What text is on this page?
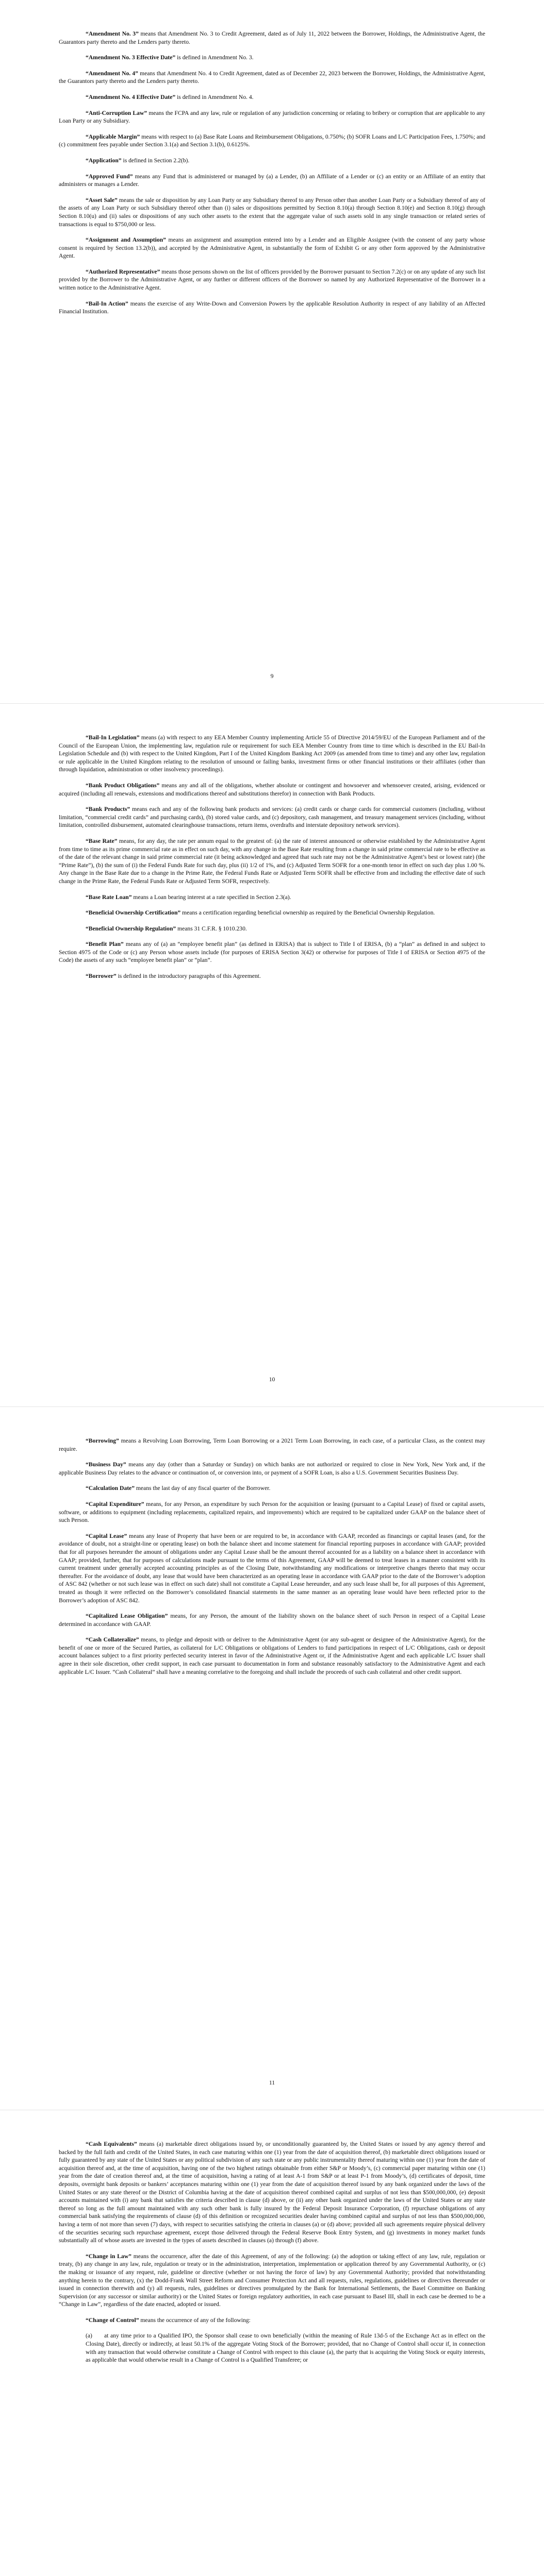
“Amendment No. 3” means that Amendment No. 3 to Credit Agreement, dated as of July 11, 2022 between the Borrower, Holdings, the Administrative Agent, the Guarantors party thereto and the Lenders party thereto.

“Amendment No. 3 Effective Date” is defined in Amendment No. 3.

“Amendment No. 4” means that Amendment No. 4 to Credit Agreement, dated as of December 22, 2023 between the Borrower, Holdings, the Administrative Agent, the Guarantors party thereto and the Lenders party thereto.

“Amendment No. 4 Effective Date” is defined in Amendment No. 4.

“Anti-Corruption Law” means the FCPA and any law, rule or regulation of any jurisdiction concerning or relating to bribery or corruption that are applicable to any Loan Party or any Subsidiary.

“Applicable Margin” means with respect to (a) Base Rate Loans and Reimbursement Obligations, 0.750%; (b) SOFR Loans and L/C Participation Fees, 1.750%; and (c) commitment fees payable under Section 3.1(a) and Section 3.1(b), 0.6125%.

“Application” is defined in Section 2.2(b).

“Approved Fund” means any Fund that is administered or managed by (a) a Lender, (b) an Affiliate of a Lender or (c) an entity or an Affiliate of an entity that administers or manages a Lender.

“Asset Sale” means the sale or disposition by any Loan Party or any Subsidiary thereof to any Person other than another Loan Party or a Subsidiary thereof of any of the assets of any Loan Party or such Subsidiary thereof other than (i) sales or dispositions permitted by Section 8.10(a) through Section 8.10(e) and Section 8.10(g) through Section 8.10(u) and (ii) sales or dispositions of any such other assets to the extent that the aggregate value of such assets sold in any single transaction or related series of transactions is equal to $750,000 or less.

“Assignment and Assumption” means an assignment and assumption entered into by a Lender and an Eligible Assignee (with the consent of any party whose consent is required by Section 13.2(b)), and accepted by the Administrative Agent, in substantially the form of Exhibit G or any other form approved by the Administrative Agent.

“Authorized Representative” means those persons shown on the list of officers provided by the Borrower pursuant to Section 7.2(c) or on any update of any such list provided by the Borrower to the Administrative Agent, or any further or different officers of the Borrower so named by any Authorized Representative of the Borrower in a written notice to the Administrative Agent.

“Bail-In Action” means the exercise of any Write-Down and Conversion Powers by the applicable Resolution Authority in respect of any liability of an Affected Financial Institution.

9

“Bail-In Legislation” means (a) with respect to any EEA Member Country implementing Article 55 of Directive 2014/59/EU of the European Parliament and of the Council of the European Union, the implementing law, regulation rule or requirement for such EEA Member Country from time to time which is described in the EU Bail-In Legislation Schedule and (b) with respect to the United Kingdom, Part I of the United Kingdom Banking Act 2009 (as amended from time to time) and any other law, regulation or rule applicable in the United Kingdom relating to the resolution of unsound or failing banks, investment firms or other financial institutions or their affiliates (other than through liquidation, administration or other insolvency proceedings).

“Bank Product Obligations” means any and all of the obligations, whether absolute or contingent and howsoever and whensoever created, arising, evidenced or acquired (including all renewals, extensions and modifications thereof and substitutions therefor) in connection with Bank Products.

“Bank Products” means each and any of the following bank products and services: (a) credit cards or charge cards for commercial customers (including, without limitation, “commercial credit cards” and purchasing cards), (b) stored value cards, and (c) depository, cash management, and treasury management services (including, without limitation, controlled disbursement, automated clearinghouse transactions, return items, overdrafts and interstate depository network services).

“Base Rate” means, for any day, the rate per annum equal to the greatest of: (a) the rate of interest announced or otherwise established by the Administrative Agent from time to time as its prime commercial rate as in effect on such day, with any change in the Base Rate resulting from a change in said prime commercial rate to be effective as of the date of the relevant change in said prime commercial rate (it being acknowledged and agreed that such rate may not be the Administrative Agent’s best or lowest rate) (the “Prime Rate”), (b) the sum of (i) the Federal Funds Rate for such day, plus (ii) 1/2 of 1%, and (c) Adjusted Term SOFR for a one-month tenor in effect on such day plus 1.00 %. Any change in the Base Rate due to a change in the Prime Rate, the Federal Funds Rate or Adjusted Term SOFR shall be effective from and including the effective date of such change in the Prime Rate, the Federal Funds Rate or Adjusted Term SOFR, respectively.

“Base Rate Loan” means a Loan bearing interest at a rate specified in Section 2.3(a).

“Beneficial Ownership Certification” means a certification regarding beneficial ownership as required by the Beneficial Ownership Regulation.

“Beneficial Ownership Regulation” means 31 C.F.R. § 1010.230.

“Benefit Plan” means any of (a) an “employee benefit plan” (as defined in ERISA) that is subject to Title I of ERISA, (b) a “plan” as defined in and subject to Section 4975 of the Code or (c) any Person whose assets include (for purposes of ERISA Section 3(42) or otherwise for purposes of Title I of ERISA or Section 4975 of the Code) the assets of any such “employee benefit plan” or “plan”.

“Borrower” is defined in the introductory paragraphs of this Agreement.

10

“Borrowing” means a Revolving Loan Borrowing, Term Loan Borrowing or a 2021 Term Loan Borrowing, in each case, of a particular Class, as the context may require.

“Business Day” means any day (other than a Saturday or Sunday) on which banks are not authorized or required to close in New York, New York and, if the applicable Business Day relates to the advance or continuation of, or conversion into, or payment of a SOFR Loan, is also a U.S. Government Securities Business Day.

“Calculation Date” means the last day of any fiscal quarter of the Borrower.

“Capital Expenditure” means, for any Person, an expenditure by such Person for the acquisition or leasing (pursuant to a Capital Lease) of fixed or capital assets, software, or additions to equipment (including replacements, capitalized repairs, and improvements) which are required to be capitalized under GAAP on the balance sheet of such Person.

“Capital Lease” means any lease of Property that have been or are required to be, in accordance with GAAP, recorded as financings or capital leases (and, for the avoidance of doubt, not a straight-line or operating lease) on both the balance sheet and income statement for financial reporting purposes in accordance with GAAP; provided that for all purposes hereunder the amount of obligations under any Capital Lease shall be the amount thereof accounted for as a liability on a balance sheet in accordance with GAAP; provided, further, that for purposes of calculations made pursuant to the terms of this Agreement, GAAP will be deemed to treat leases in a manner consistent with its current treatment under generally accepted accounting principles as of the Closing Date, notwithstanding any modifications or interpretive changes thereto that may occur thereafter. For the avoidance of doubt, any lease that would have been characterized as an operating lease in accordance with GAAP prior to the date of the Borrower’s adoption of ASC 842 (whether or not such lease was in effect on such date) shall not constitute a Capital Lease hereunder, and any such lease shall be, for all purposes of this Agreement, treated as though it were reflected on the Borrower’s consolidated financial statements in the same manner as an operating lease would have been reflected prior to the Borrower’s adoption of ASC 842.

“Capitalized Lease Obligation” means, for any Person, the amount of the liability shown on the balance sheet of such Person in respect of a Capital Lease determined in accordance with GAAP.

“Cash Collateralize” means, to pledge and deposit with or deliver to the Administrative Agent (or any sub-agent or designee of the Administrative Agent), for the benefit of one or more of the Secured Parties, as collateral for L/C Obligations or obligations of Lenders to fund participations in respect of L/C Obligations, cash or deposit account balances subject to a first priority perfected security interest in favor of the Administrative Agent or, if the Administrative Agent and each applicable L/C Issuer shall agree in their sole discretion, other credit support, in each case pursuant to documentation in form and substance reasonably satisfactory to the Administrative Agent and each applicable L/C Issuer. “Cash Collateral” shall have a meaning correlative to the foregoing and shall include the proceeds of such cash collateral and other credit support.

11

“Cash Equivalents” means (a) marketable direct obligations issued by, or unconditionally guaranteed by, the United States or issued by any agency thereof and backed by the full faith and credit of the United States, in each case maturing within one (1) year from the date of acquisition thereof, (b) marketable direct obligations issued or fully guaranteed by any state of the United States or any political subdivision of any such state or any public instrumentality thereof maturing within one (1) year from the date of acquisition thereof and, at the time of acquisition, having one of the two highest ratings obtainable from either S&P or Moody’s, (c) commercial paper maturing within one (1) year from the date of creation thereof and, at the time of acquisition, having a rating of at least A-1 from S&P or at least P-1 from Moody’s, (d) certificates of deposit, time deposits, overnight bank deposits or bankers’ acceptances maturing within one (1) year from the date of acquisition thereof issued by any bank organized under the laws of the United States or any state thereof or the District of Columbia having at the date of acquisition thereof combined capital and surplus of not less than $500,000,000, (e) deposit accounts maintained with (i) any bank that satisfies the criteria described in clause (d) above, or (ii) any other bank organized under the laws of the United States or any state thereof so long as the full amount maintained with any such other bank is fully insured by the Federal Deposit Insurance Corporation, (f) repurchase obligations of any commercial bank satisfying the requirements of clause (d) of this definition or recognized securities dealer having combined capital and surplus of not less than $500,000,000, having a term of not more than seven (7) days, with respect to securities satisfying the criteria in clauses (a) or (d) above; provided all such agreements require physical delivery of the securities securing such repurchase agreement, except those delivered through the Federal Reserve Book Entry System, and (g) investments in money market funds substantially all of whose assets are invested in the types of assets described in clauses (a) through (f) above.

“Change in Law” means the occurrence, after the date of this Agreement, of any of the following: (a) the adoption or taking effect of any law, rule, regulation or treaty, (b) any change in any law, rule, regulation or treaty or in the administration, interpretation, implementation or application thereof by any Governmental Authority, or (c) the making or issuance of any request, rule, guideline or directive (whether or not having the force of law) by any Governmental Authority; provided that notwithstanding anything herein to the contrary, (x) the Dodd-Frank Wall Street Reform and Consumer Protection Act and all requests, rules, regulations, guidelines or directives thereunder or issued in connection therewith and (y) all requests, rules, guidelines or directives promulgated by the Bank for International Settlements, the Basel Committee on Banking Supervision (or any successor or similar authority) or the United States or foreign regulatory authorities, in each case pursuant to Basel III, shall in each case be deemed to be a “Change in Law”, regardless of the date enacted, adopted or issued.

“Change of Control” means the occurrence of any of the following:

(a) at any time prior to a Qualified IPO, the Sponsor shall cease to own beneficially (within the meaning of Rule 13d-5 of the Exchange Act as in effect on the Closing Date), directly or indirectly, at least 50.1% of the aggregate Voting Stock of the Borrower; provided, that no Change of Control shall occur if, in connection with any transaction that would otherwise constitute a Change of Control with respect to this clause (a), the party that is acquiring the Voting Stock or equity interests, as applicable that would otherwise result in a Change of Control is a Qualified Transferee; or
